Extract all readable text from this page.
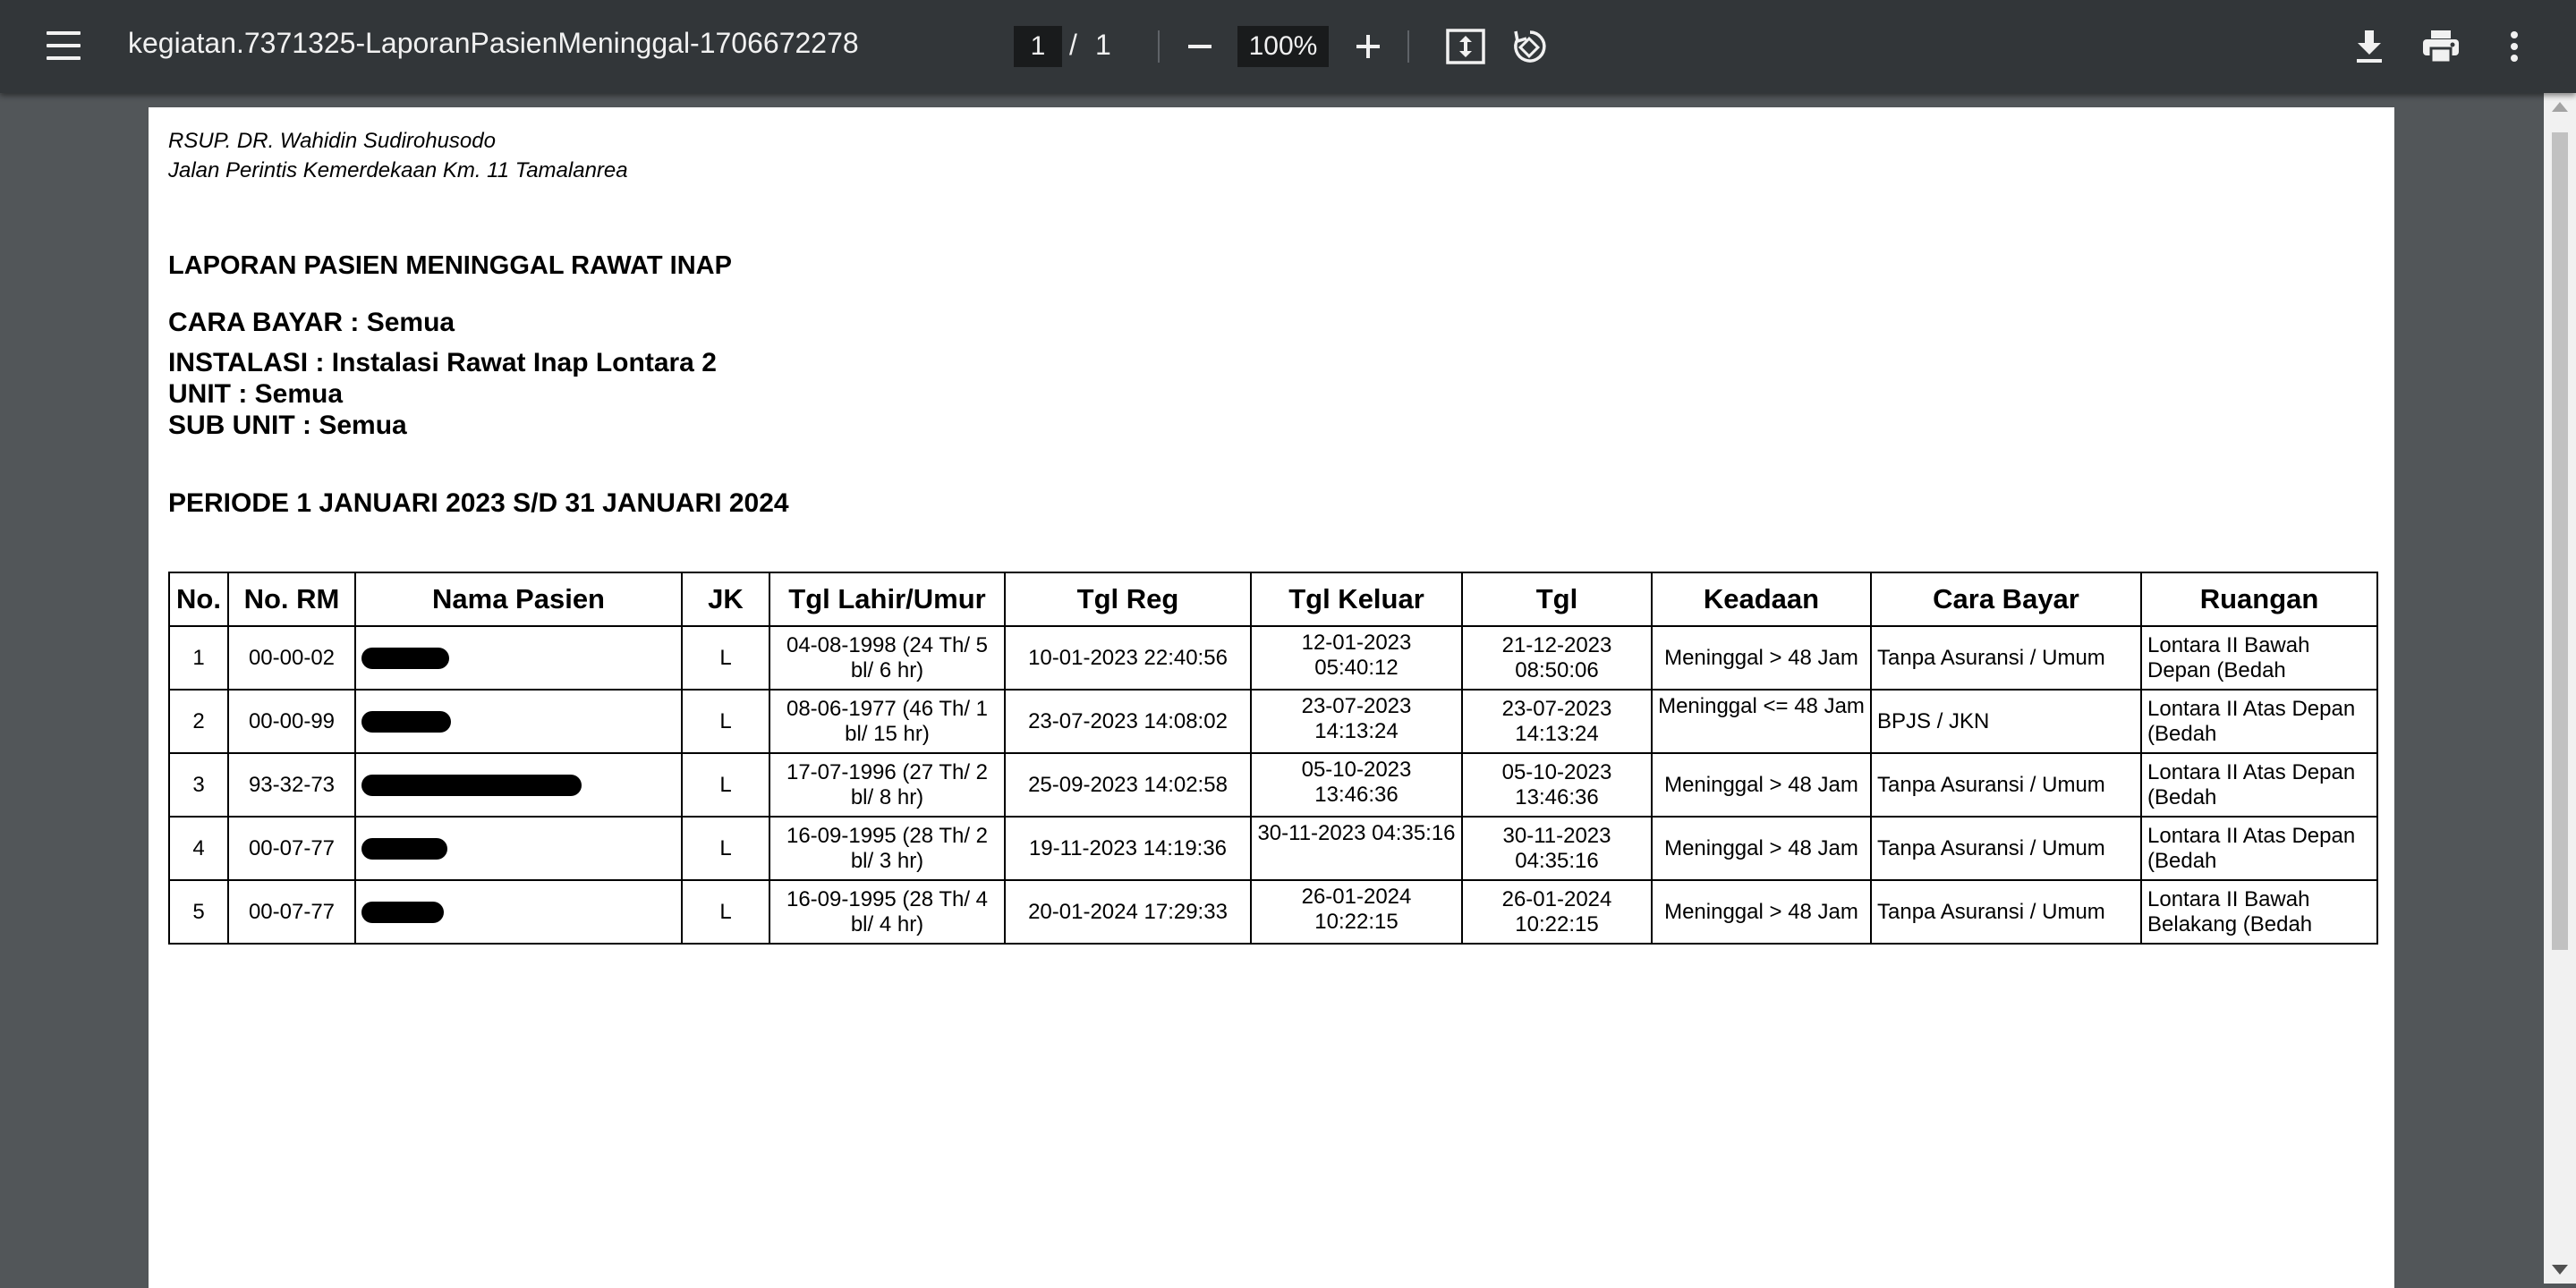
kegiatan.7371325-LaporanPasienMeninggal-1706672278	1 / 1	100%
RSUP. DR. Wahidin Sudirohusodo
Jalan Perintis Kemerdekaan Km. 11 Tamalanrea
LAPORAN PASIEN MENINGGAL RAWAT INAP
CARA BAYAR : Semua
INSTALASI : Instalasi Rawat Inap Lontara 2
UNIT : Semua
SUB UNIT : Semua
PERIODE 1 JANUARI 2023 S/D 31 JANUARI 2024
No.	No. RM	Nama Pasien	JK	Tgl Lahir/Umur	Tgl Reg	Tgl Keluar	Tgl	Keadaan	Cara Bayar	Ruangan
1	00-00-02		L	04-08-1998 (24 Th/ 5 bl/ 6 hr)	10-01-2023 22:40:56	12-01-2023 05:40:12	21-12-2023 08:50:06	Meninggal > 48 Jam	Tanpa Asuransi / Umum	Lontara II Bawah Depan (Bedah
2	00-00-99		L	08-06-1977 (46 Th/ 1 bl/ 15 hr)	23-07-2023 14:08:02	23-07-2023 14:13:24	23-07-2023 14:13:24	Meninggal <= 48 Jam	BPJS / JKN	Lontara II Atas Depan (Bedah
3	93-32-73		L	17-07-1996 (27 Th/ 2 bl/ 8 hr)	25-09-2023 14:02:58	05-10-2023 13:46:36	05-10-2023 13:46:36	Meninggal > 48 Jam	Tanpa Asuransi / Umum	Lontara II Atas Depan (Bedah
4	00-07-77		L	16-09-1995 (28 Th/ 2 bl/ 3 hr)	19-11-2023 14:19:36	30-11-2023 04:35:16	30-11-2023 04:35:16	Meninggal > 48 Jam	Tanpa Asuransi / Umum	Lontara II Atas Depan (Bedah
5	00-07-77		L	16-09-1995 (28 Th/ 4 bl/ 4 hr)	20-01-2024 17:29:33	26-01-2024 10:22:15	26-01-2024 10:22:15	Meninggal > 48 Jam	Tanpa Asuransi / Umum	Lontara II Bawah Belakang (Bedah
